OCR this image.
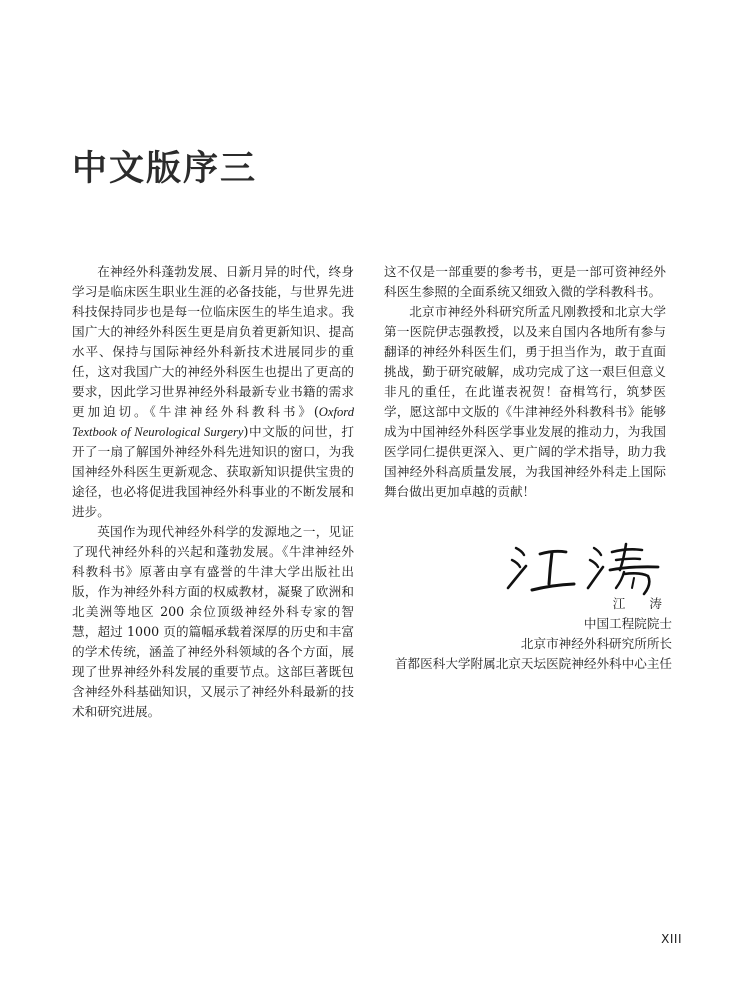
中文版序三

在神经外科蓬勃发展、日新月异的时代，终身学习是临床医生职业生涯的必备技能，与世界先进科技保持同步也是每一位临床医生的毕生追求。我国广大的神经外科医生更是肩负着更新知识、提高水平、保持与国际神经外科新技术进展同步的重任，这对我国广大的神经外科医生也提出了更高的要求，因此学习世界神经外科最新专业书籍的需求更加迫切。《牛津神经外科教科书》(Oxford Textbook of Neurological Surgery)中文版的问世，打开了一扇了解国外神经外科先进知识的窗口，为我国神经外科医生更新观念、获取新知识提供宝贵的途径，也必将促进我国神经外科事业的不断发展和进步。

英国作为现代神经外科学的发源地之一，见证了现代神经外科的兴起和蓬勃发展。《牛津神经外科教科书》原著由享有盛誉的牛津大学出版社出版，作为神经外科方面的权威教材，凝聚了欧洲和北美洲等地区 200 余位顶级神经外科专家的智慧，超过 1000 页的篇幅承载着深厚的历史和丰富的学术传统，涵盖了神经外科领域的各个方面，展现了世界神经外科发展的重要节点。这部巨著既包含神经外科基础知识，又展示了神经外科最新的技术和研究进展。

这不仅是一部重要的参考书，更是一部可资神经外科医生参照的全面系统又细致入微的学科教科书。

北京市神经外科研究所孟凡刚教授和北京大学第一医院伊志强教授，以及来自国内各地所有参与翻译的神经外科医生们，勇于担当作为，敢于直面挑战，勤于研究破解，成功完成了这一艰巨但意义非凡的重任，在此谨表祝贺！奋楫笃行，筑梦医学，愿这部中文版的《牛津神经外科教科书》能够成为中国神经外科医学事业发展的推动力，为我国医学同仁提供更深入、更广阔的学术指导，助力我国神经外科高质量发展，为我国神经外科走上国际舞台做出更加卓越的贡献！

江 涛
中国工程院院士
北京市神经外科研究所所长
首都医科大学附属北京天坛医院神经外科中心主任
XIII
